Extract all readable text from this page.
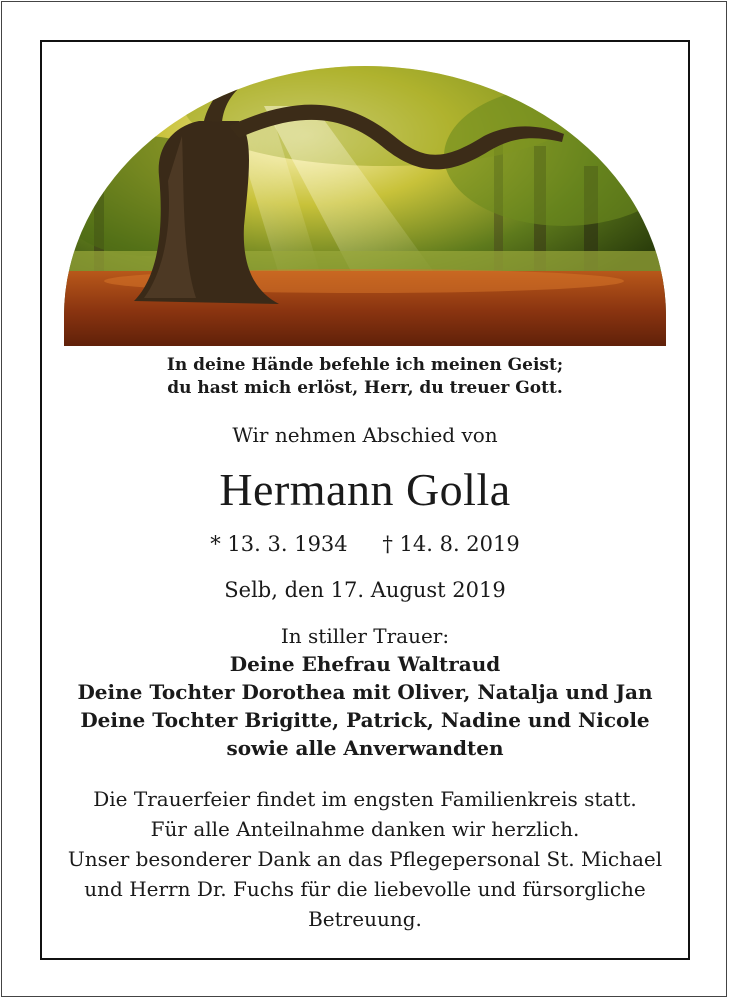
In deine Hände befehle ich meinen Geist;
du hast mich erlöst, Herr, du treuer Gott.
Wir nehmen Abschied von
Hermann Golla
* 13. 3. 1934 † 14. 8. 2019
Selb, den 17. August 2019
In stiller Trauer:
Deine Ehefrau Waltraud
Deine Tochter Dorothea mit Oliver, Natalja und Jan
Deine Tochter Brigitte, Patrick, Nadine und Nicole
sowie alle Anverwandten
Die Trauerfeier findet im engsten Familienkreis statt.
Für alle Anteilnahme danken wir herzlich.
Unser besonderer Dank an das Pflegepersonal St. Michael
und Herrn Dr. Fuchs für die liebevolle und fürsorgliche
Betreuung.
